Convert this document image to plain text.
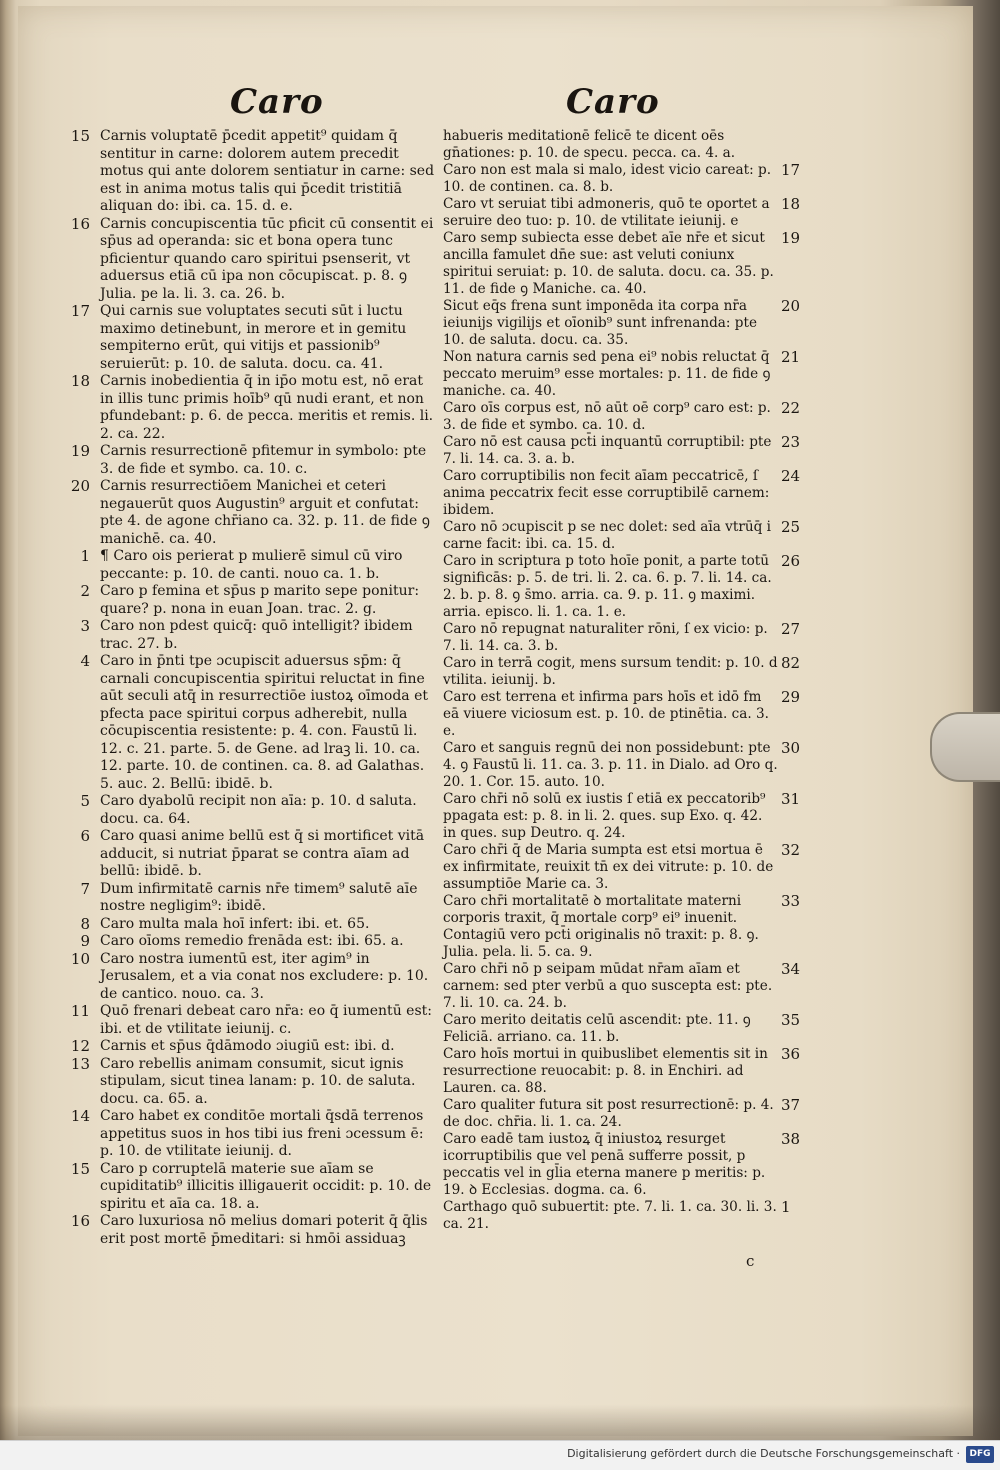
Caro	Caro
15 Carnis voluptatē p̄cedit appetit⁹ quidam q̄ sentitur in carne: dolorem autem precedit motus qui ante dolorem sentiatur in carne: sed est in anima motus talis qui p̄cedit tristitiā aliquan do: ibi. ca. 15. d. e.
16 Carnis concupiscentia tūc pficit cū consentit ei sp̄us ad operanda: sic et bona opera tunc pficientur quando caro spiritui psenserit, vt aduersus etiā cū ipa non cōcupiscat. p. 8. ꝯ Julia. pe la. li. 3. ca. 26. b.
17 Qui carnis sue voluptates secuti sūt i luctu maximo detinebunt, in merore et in gemitu sempiterno erūt, qui vitijs et passionib⁹ seruierūt: p. 10. de saluta. docu. ca. 41.
18 Carnis inobedientia q̄ in ip̄o motu est, nō erat in illis tunc primis hoīb⁹ qū nudi erant, et non pfundebant: p. 6. de pecca. meritis et remis. li. 2. ca. 22.
19 Carnis resurrectionē pfitemur in symbolo: pte 3. de fide et symbo. ca. 10. c.
20 Carnis resurrectiōem Manichei et ceteri negauerūt quos Augustin⁹ arguit et confutat: pte 4. de agone chr̄iano ca. 32. p. 11. de fide ꝯ manichē. ca. 40.
1 ¶ Caro ois perierat p mulierē simul cū viro peccante: p. 10. de canti. nouo ca. 1. b.
2 Caro p femina et sp̄us p marito sepe ponitur: quare? p. nona in euan Joan. trac. 2. g.
3 Caro non pdest quicq̄: quō intelligit? ibidem trac. 27. b.
4 Caro in p̄nti tpe ɔcupiscit aduersus sp̄m: q̄ carnali concupiscentia spiritui reluctat in fine aūt seculi atq̄ in resurrectiōe iustoꝝ oīmoda et pfecta pace spiritui corpus adherebit, nulla cōcupiscentia resistente: p. 4. con. Faustū li. 12. c. 21. parte. 5. de Gene. ad lraꝫ li. 10. ca. 12. parte. 10. de continen. ca. 8. ad Galathas. 5. auc. 2. Bellū: ibidē. b.
5 Caro dyabolū recipit non aīa: p. 10. d saluta. docu. ca. 64.
6 Caro quasi anime bellū est q̄ si mortificet vitā adducit, si nutriat p̄parat se contra aīam ad bellū: ibidē. b.
7 Dum infirmitatē carnis nr̄e timem⁹ salutē aīe nostre negligim⁹: ibidē.
8 Caro multa mala hoī infert: ibi. et. 65.
9 Caro oīoms remedio frenāda est: ibi. 65. a.
10 Caro nostra iumentū est, iter agim⁹ in Jerusalem, et a via conat nos excludere: p. 10. de cantico. nouo. ca. 3.
11 Quō frenari debeat caro nr̄a: eo q̄ iumentū est: ibi. et de vtilitate ieiunij. c.
12 Carnis et sp̄us q̄dāmodo ɔiugiū est: ibi. d.
13 Caro rebellis animam consumit, sicut ignis stipulam, sicut tinea lanam: p. 10. de saluta. docu. ca. 65. a.
14 Caro habet ex conditōe mortali q̄sdā terrenos appetitus suos in hos tibi ius freni ɔcessum ē: p. 10. de vtilitate ieiunij. d.
15 Caro p corruptelā materie sue aīam se cupiditatib⁹ illicitis illigauerit occidit: p. 10. de spiritu et aīa ca. 18. a.
16 Caro luxuriosa nō melius domari poterit q̄ q̄lis erit post mortē p̄meditari: si hmōi assiduaꝫ
habueris meditationē felicē te dicent oēs gn̄ationes: p. 10. de specu. pecca. ca. 4. a.
17
Caro non est mala si malo, idest vicio careat: p. 10. de continen. ca. 8. b.
18
Caro vt seruiat tibi admoneris, quō te oportet a seruire deo tuo: p. 10. de vtilitate ieiunij. e
19
Caro semp subiecta esse debet aīe nr̄e et sicut ancilla famulet dn̄e sue: ast veluti coniunx spiritui seruiat: p. 10. de saluta. docu. ca. 35. p. 11. de fide ꝯ Maniche. ca. 40.
20
Sicut eq̄s frena sunt imponēda ita corpa nr̄a ieiunijs vigilijs et oīonib⁹ sunt infrenanda: pte 10. de saluta. docu. ca. 35.
21
Non natura carnis sed pena ei⁹ nobis reluctat q̄ peccato meruim⁹ esse mortales: p. 11. de fide ꝯ maniche. ca. 40.
22
Caro oīs corpus est, nō aūt oē corp⁹ caro est: p. 3. de fide et symbo. ca. 10. d.
23
Caro nō est causa pct̄i inquantū corruptibil: pte 7. li. 14. ca. 3. a. b.
24
Caro corruptibilis non fecit aīam peccatricē, ſ anima peccatrix fecit esse corruptibilē carnem: ibidem.
25
Caro nō ɔcupiscit p se nec dolet: sed aīa vtrūq̄ i carne facit: ibi. ca. 15. d.
26
Caro in scriptura p toto hoīe ponit, a parte totū significās: p. 5. de tri. li. 2. ca. 6. p. 7. li. 14. ca. 2. b. p. 8. ꝯ s̄mo. arria. ca. 9. p. 11. ꝯ maximi. arria. episco. li. 1. ca. 1. e.
27
Caro nō repugnat naturaliter rōni, ſ ex vicio: p. 7. li. 14. ca. 3. b.
82
Caro in terrā cogit, mens sursum tendit: p. 10. d vtilita. ieiunij. b.
29
Caro est terrena et infirma pars hoīs et idō fm eā viuere viciosum est. p. 10. de ptinētia. ca. 3. e.
30
Caro et sanguis regnū dei non possidebunt: pte 4. ꝯ Faustū li. 11. ca. 3. p. 11. in Dialo. ad Oro q. 20. 1. Cor. 15. auto. 10.
31
Caro chr̄i nō solū ex iustis ſ etiā ex peccatorib⁹ ppagata est: p. 8. in li. 2. ques. sup Exo. q. 42. in ques. sup Deutro. q. 24.
32
Caro chr̄i q̄ de Maria sumpta est etsi mortua ē ex infirmitate, reuixit tn̄ ex dei vitrute: p. 10. de assumptiōe Marie ca. 3.
33
Caro chr̄i mortalitatē ꝺ mortalitate materni corporis traxit, q̄ mortale corp⁹ ei⁹ inuenit. Contagiū vero pct̄i originalis nō traxit: p. 8. ꝯ. Julia. pela. li. 5. ca. 9.
34
Caro chr̄i nō p seipam mūdat nr̄am aīam et carnem: sed pter verbū a quo suscepta est: pte. 7. li. 10. ca. 24. b.
35
Caro merito deitatis celū ascendit: pte. 11. ꝯ Feliciā. arriano. ca. 11. b.
36
Caro hoīs mortui in quibuslibet elementis sit in resurrectione reuocabit: p. 8. in Enchiri. ad Lauren. ca. 88.
37
Caro qualiter futura sit post resurrectionē: p. 4. de doc. chr̄ia. li. 1. ca. 24.
38
Caro eadē tam iustoꝝ q̄ iniustoꝝ resurget icorruptibilis que vel penā sufferre possit, p peccatis vel in gl̄ia eterna manere p meritis: p. 19. ꝺ Ecclesias. dogma. ca. 6.
1
Carthago quō subuertit: pte. 7. li. 1. ca. 30. li. 3. ca. 21.
c
Digitalisierung gefördert durch die Deutsche Forschungsgemeinschaft ·	DFG
